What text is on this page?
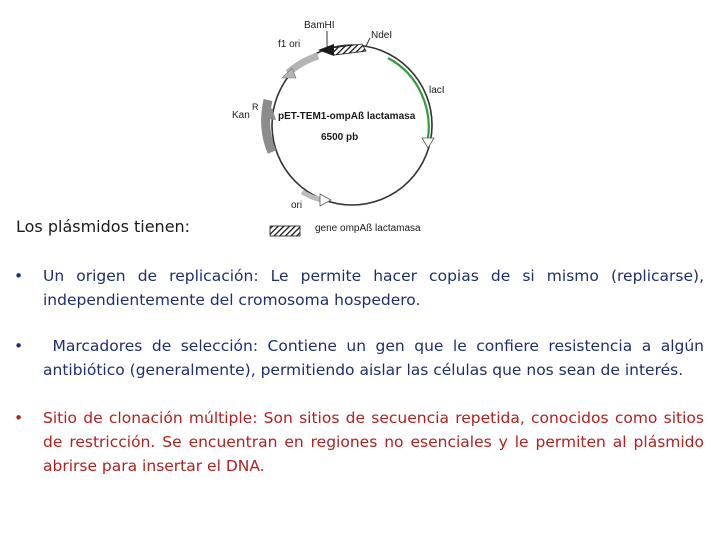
BamHI
NdeI
f1 ori
lacI
Kan
R
pET-TEM1-ompAß lactamasa
6500 pb
ori
gene ompAß lactamasa
Los plásmidos tienen:
• Un origen de replicación: Le permite hacer copias de si mismo (replicarse), independientemente del cromosoma hospedero.
• Marcadores de selección: Contiene un gen que le confiere resistencia a algún antibiótico (generalmente), permitiendo aislar las células que nos sean de interés.
• Sitio de clonación múltiple: Son sitios de secuencia repetida, conocidos como sitios de restricción. Se encuentran en regiones no esenciales y le permiten al plásmido abrirse para insertar el DNA.
